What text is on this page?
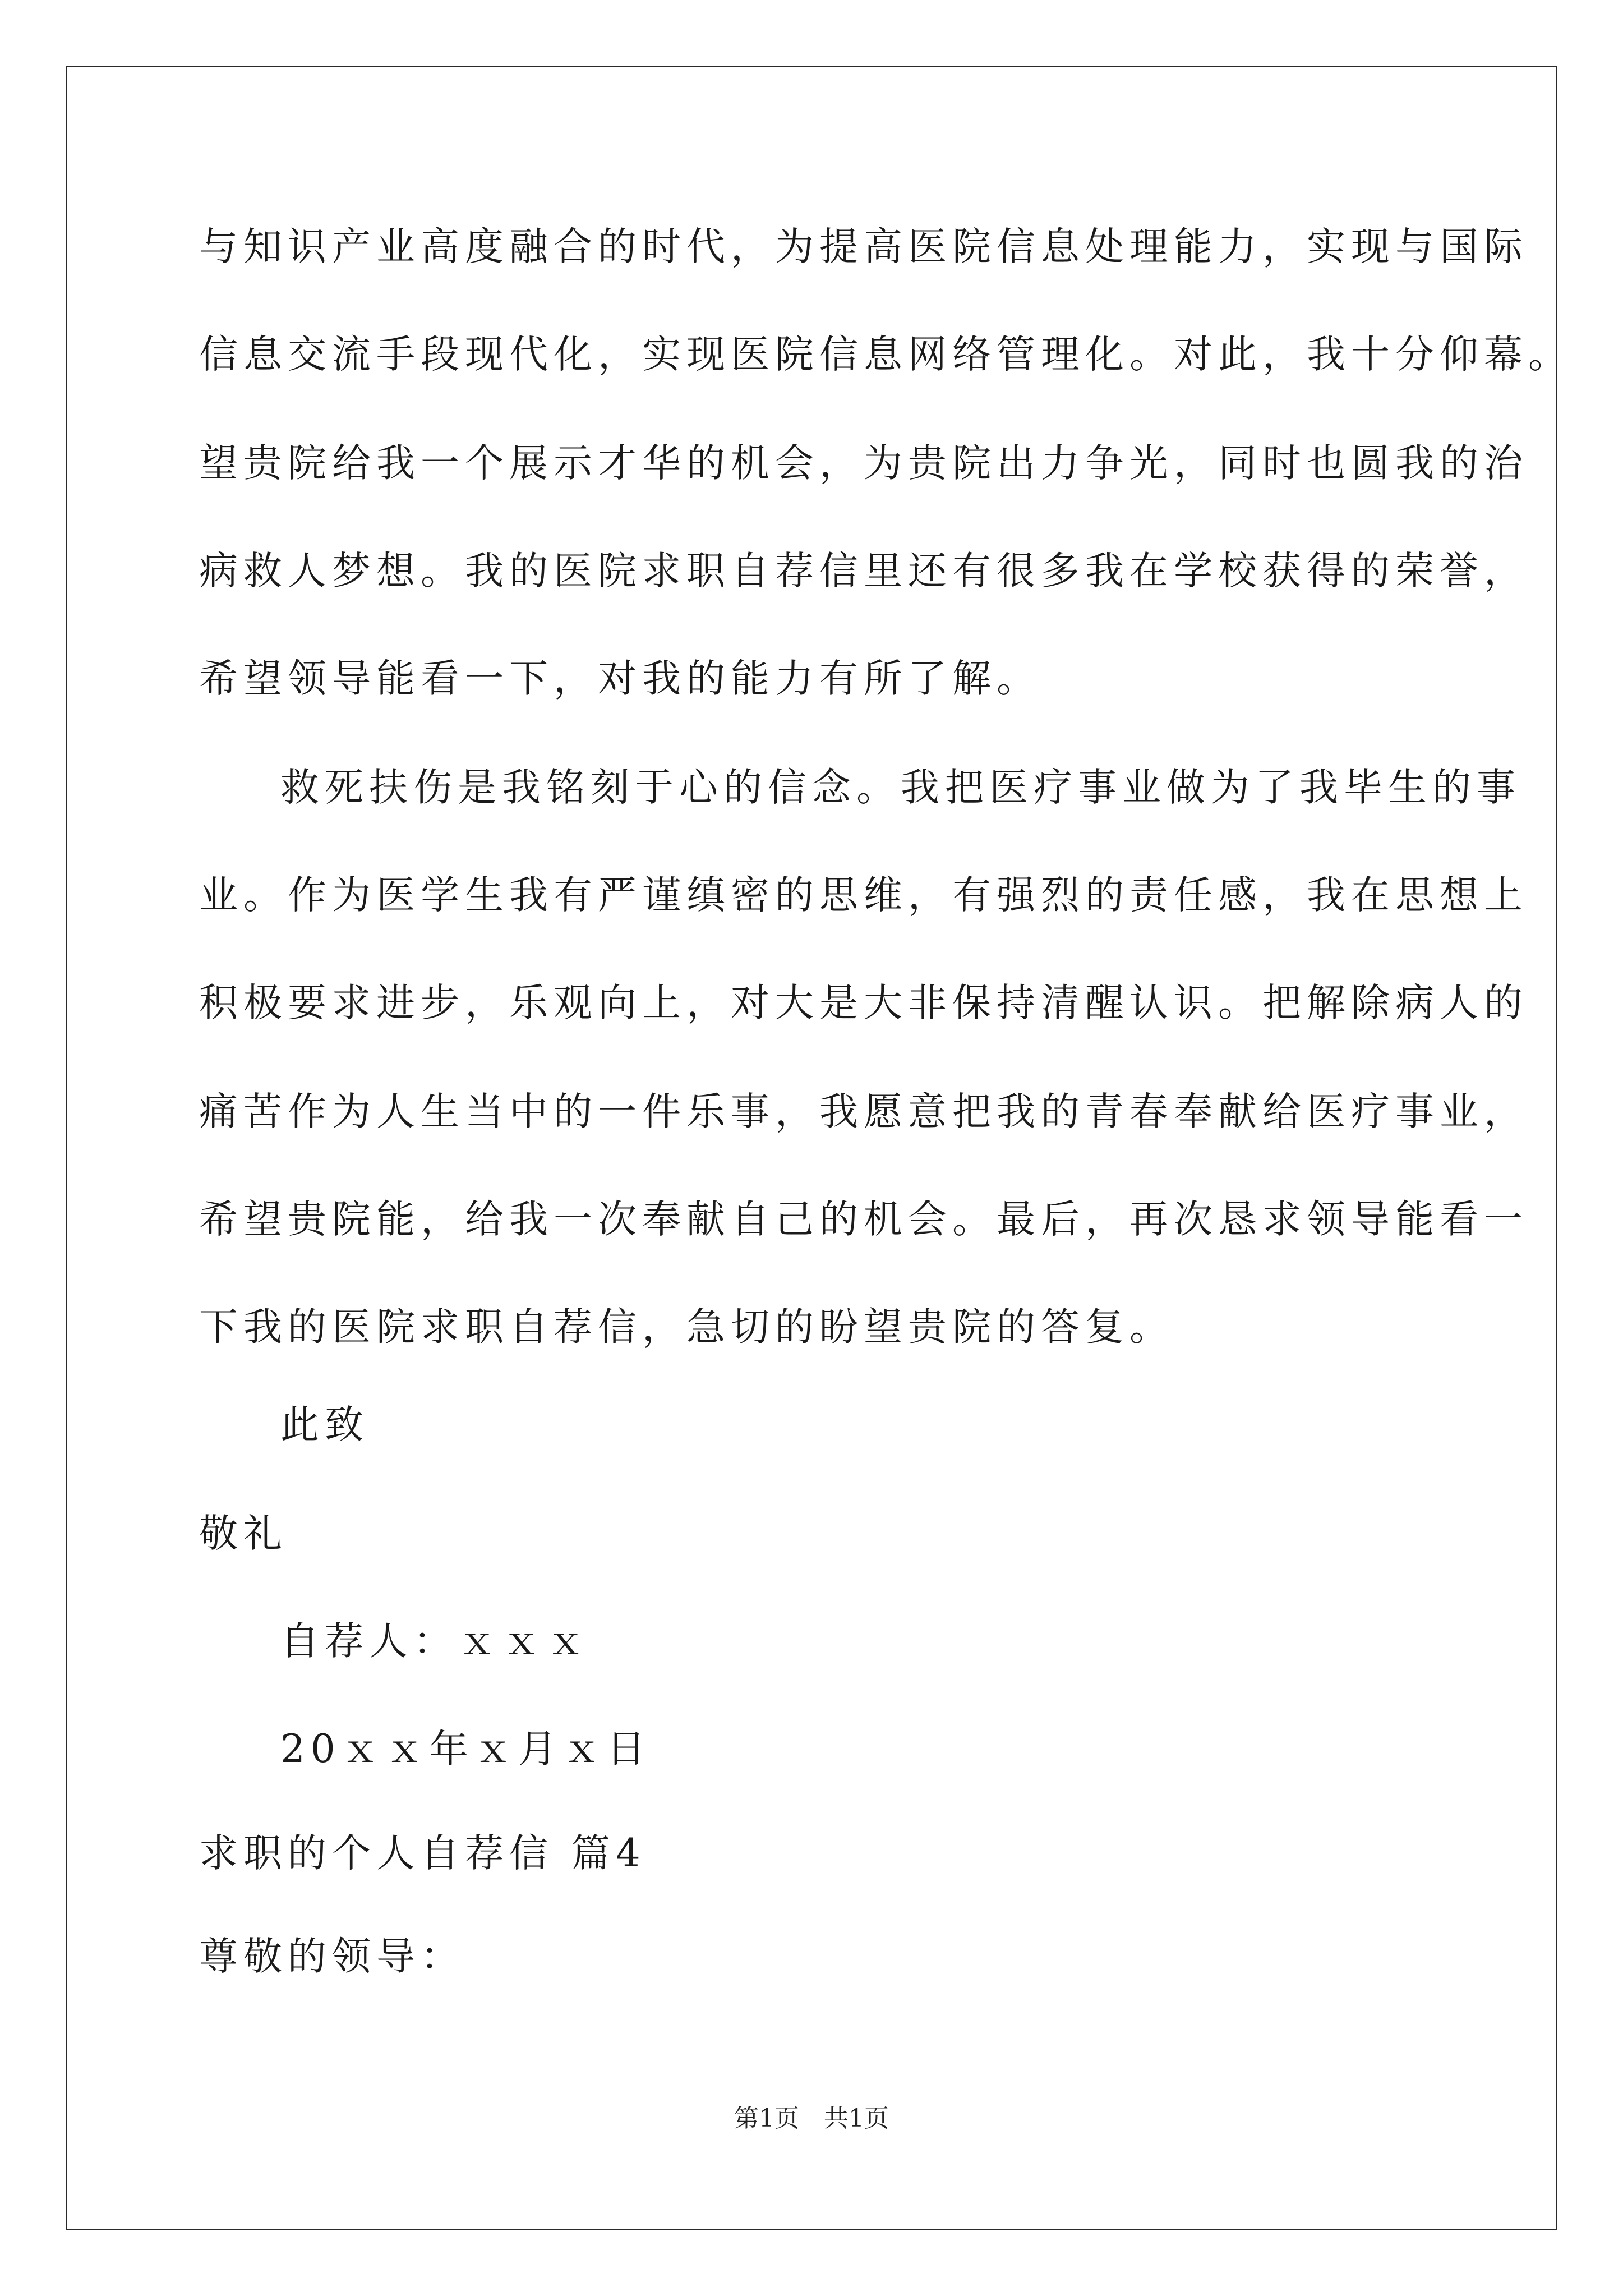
与知识产业高度融合的时代，为提高医院信息处理能力，实现与国际
信息交流手段现代化，实现医院信息网络管理化。对此，我十分仰幕。
望贵院给我一个展示才华的机会，为贵院出力争光，同时也圆我的治
病救人梦想。我的医院求职自荐信里还有很多我在学校获得的荣誉，
希望领导能看一下，对我的能力有所了解。
救死扶伤是我铭刻于心的信念。我把医疗事业做为了我毕生的事
业。作为医学生我有严谨缜密的思维，有强烈的责任感，我在思想上
积极要求进步，乐观向上，对大是大非保持清醒认识。把解除病人的
痛苦作为人生当中的一件乐事，我愿意把我的青春奉献给医疗事业，
希望贵院能，给我一次奉献自己的机会。最后，再次恳求领导能看一
下我的医院求职自荐信，急切的盼望贵院的答复。
此致
敬礼
自荐人：ｘｘｘ
20ｘｘ年ｘ月ｘ日
求职的个人自荐信 篇4
尊敬的领导：
第1页　共1页
